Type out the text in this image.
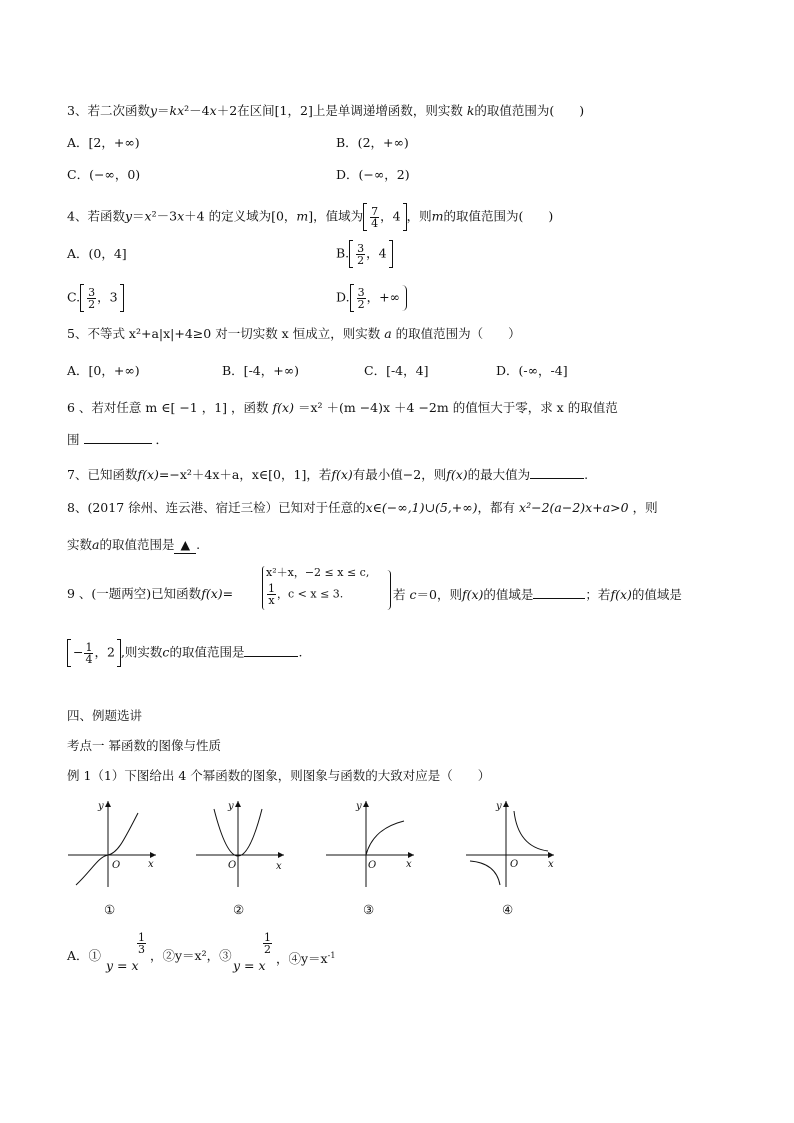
3、若二次函数y＝kx²－4x＋2在区间[1，2]上是单调递增函数，则实数 k的取值范围为(　　)
A．[2，+∞)	B．(2，+∞)
C．(−∞，0)	D．(−∞，2)
4、若函数y＝x²－3x＋4 的定义域为[0，m]，值域为 $\frac{7}{4}$ ，4 ，则m的取值范围为(　　)
A．(0，4]	B. $\frac{3}{2}$ ，4
C. $\frac{3}{2}$ ，3	D. $\frac{3}{2}$ ，+∞
5、不等式 x²+a|x|+4≥0 对一切实数 x 恒成立，则实数 a 的取值范围为（　　）
A．[0，+∞)	B．[-4，+∞)	C．[-4，4]	D．(-∞，-4]
6 、若对任意 m ∈[ −1 ，1] ，函数 f(x) ＝x² ＋(m −4)x ＋4 −2m 的值恒大于零，求 x 的取值范
围	．
7、已知函数f(x)=−x²＋4x＋a，x∈[0，1]，若f(x)有最小值−2，则f(x)的最大值为	.
8、(2017 徐州、连云港、宿迁三检）已知对于任意的x∈(−∞,1)∪(5,+∞)，都有 x²−2(a−2)x+a>0 ，则
实数a的取值范围是 ▲ .
9 、(一题两空)已知函数f(x)=
x²＋x，−2 ≤ x ≤ c,
$\frac{1}{x}$ ，c < x ≤ 3.	若 c＝0，则f(x)的值域是	；若f(x)的值域是
− $\frac{1}{4}$ ，2 ,则实数c的取值范围是	.
四、例题选讲
考点一 幂函数的图像与性质
例 1（1）下图给出 4 个幂函数的图象，则图象与函数的大致对应是（　　）
y
x
O
①
y
x
O
②
y
x
O
③
y
x
O
④
A．①
y = x
$\frac{1}{3}$
，②y＝x²，③
y = x
$\frac{1}{2}$
，$④y=x^{-1}$
